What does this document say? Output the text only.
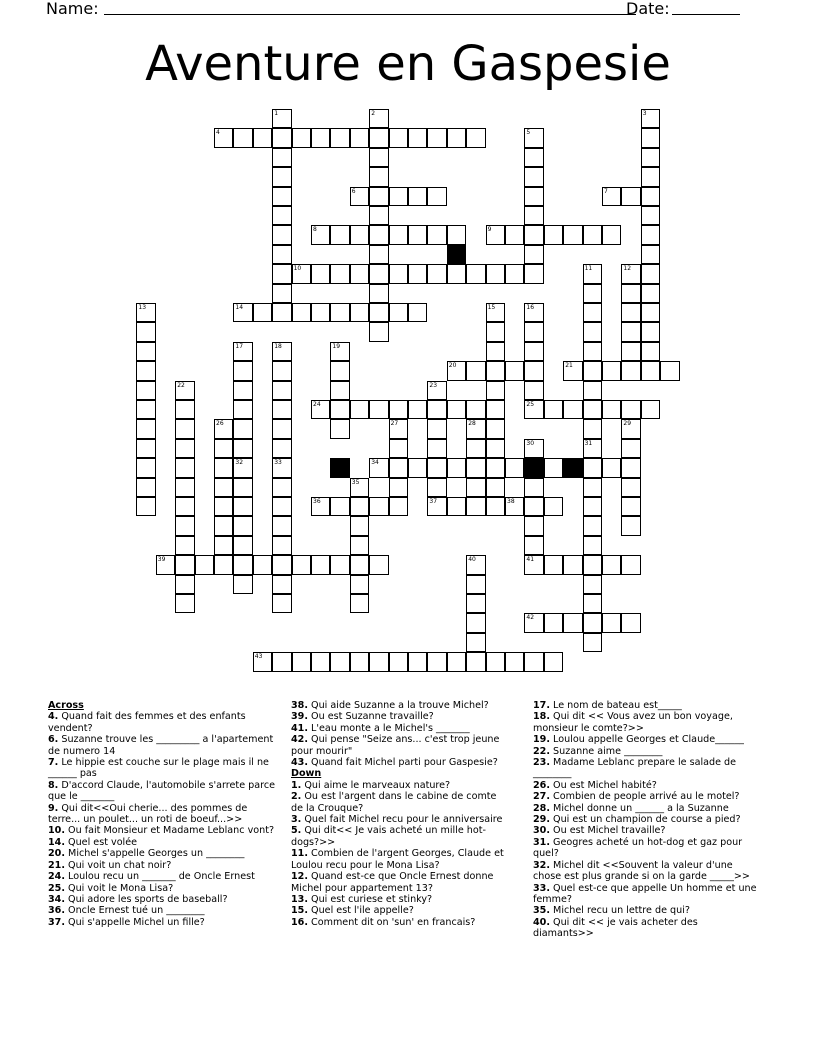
Name:	Date:
Aventure en Gaspesie
1	2	3
4	5
6	7
8	9
10	11	12
13	14	15	16
25
17	18	19
20	21
22	23
24
26	27	28	29
30	31
32	33	34
35
36	37	38
39	40	41
42
43

Across

4. Quand fait des femmes et des enfants vendent?

6. Suzanne trouve les _________ a l'apartement de numero 14

7. Le hippie est couche sur le plage mais il ne ______ pas

8. D'accord Claude, l'automobile s'arrete parce que le _______

9. Qui dit<<Oui cherie... des pommes de terre... un poulet... un roti de boeuf...>>

10. Ou fait Monsieur et Madame Leblanc vont?

14. Quel est volée

20. Michel s'appelle Georges un ________

21. Qui voit un chat noir?

24. Loulou recu un _______ de Oncle Ernest

25. Qui voit le Mona Lisa?

34. Qui adore les sports de baseball?

36. Oncle Ernest tué un ________

37. Qui s'appelle Michel un fille?

38. Qui aide Suzanne a la trouve Michel?

39. Ou est Suzanne travaille?

41. L'eau monte a le Michel's _______

42. Qui pense "Seize ans... c'est trop jeune pour mourir"

43. Quand fait Michel parti pour Gaspesie?

Down

1. Qui aime le marveaux nature?

2. Ou est l'argent dans le cabine de comte de la Crouque?

3. Quel fait Michel recu pour le anniversaire

5. Qui dit<< Je vais acheté un mille hot-dogs?>>

11. Combien de l'argent Georges, Claude et Loulou recu pour le Mona Lisa?

12. Quand est-ce que Oncle Ernest donne Michel pour appartement 13?

13. Qui est curiese et stinky?

15. Quel est l'ile appelle?

16. Comment dit on 'sun' en francais?

17. Le nom de bateau est_____

18. Qui dit << Vous avez un bon voyage, monsieur le comte?>>

19. Loulou appelle Georges et Claude______

22. Suzanne aime ________

23. Madame Leblanc prepare le salade de ________

26. Ou est Michel habité?

27. Combien de people arrivé au le motel?

28. Michel donne un ______ a la Suzanne

29. Qui est un champion de course a pied?

30. Ou est Michel travaille?

31. Geogres acheté un hot-dog et gaz pour quel?

32. Michel dit <<Souvent la valeur d'une chose est plus grande si on la garde _____>>

33. Quel est-ce que appelle Un homme et une femme?

35. Michel recu un lettre de qui?

40. Qui dit << je vais acheter des diamants>>
